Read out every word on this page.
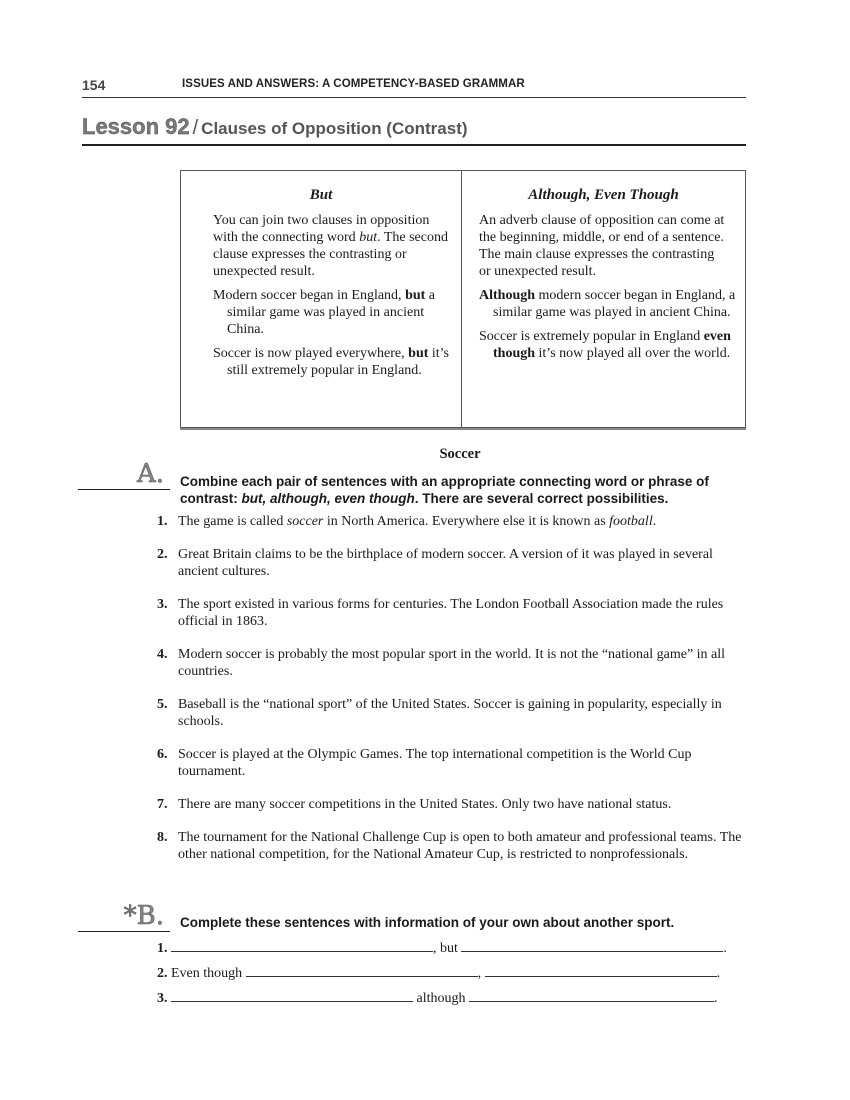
154	ISSUES AND ANSWERS: A COMPETENCY-BASED GRAMMAR
Lesson 92 / Clauses of Opposition (Contrast)
But
You can join two clauses in opposition with the connecting word but. The second clause expresses the contrasting or unexpected result.
Modern soccer began in England, but a similar game was played in ancient China.
Soccer is now played everywhere, but it’s still extremely popular in England.
Although, Even Though
An adverb clause of opposition can come at the beginning, middle, or end of a sentence. The main clause expresses the contrasting or unexpected result.
Although modern soccer began in England, a similar game was played in ancient China.
Soccer is extremely popular in England even though it’s now played all over the world.
Soccer
A. Combine each pair of sentences with an appropriate connecting word or phrase of contrast: but, although, even though. There are several correct possibilities.
1. The game is called soccer in North America. Everywhere else it is known as football.
2. Great Britain claims to be the birthplace of modern soccer. A version of it was played in several ancient cultures.
3. The sport existed in various forms for centuries. The London Football Association made the rules official in 1863.
4. Modern soccer is probably the most popular sport in the world. It is not the “national game” in all countries.
5. Baseball is the “national sport” of the United States. Soccer is gaining in popularity, especially in schools.
6. Soccer is played at the Olympic Games. The top international competition is the World Cup tournament.
7. There are many soccer competitions in the United States. Only two have national status.
8. The tournament for the National Challenge Cup is open to both amateur and professional teams. The other national competition, for the National Amateur Cup, is restricted to nonprofessionals.
*B. Complete these sentences with information of your own about another sport.
1.	, but	.
2. Even though	,	.
3.	although	.
